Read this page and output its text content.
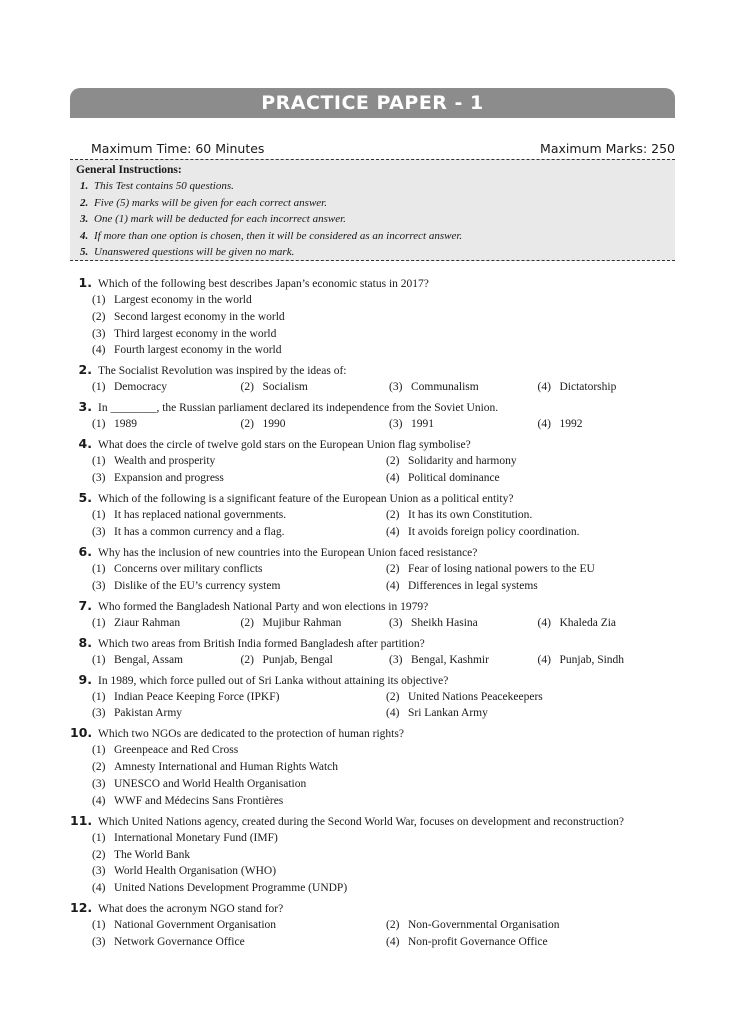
PRACTICE PAPER - 1
Maximum Time: 60 Minutes	Maximum Marks: 250
General Instructions:
1. This Test contains 50 questions.
2. Five (5) marks will be given for each correct answer.
3. One (1) mark will be deducted for each incorrect answer.
4. If more than one option is chosen, then it will be considered as an incorrect answer.
5. Unanswered questions will be given no mark.
1. Which of the following best describes Japan’s economic status in 2017?
(1) Largest economy in the world
(2) Second largest economy in the world
(3) Third largest economy in the world
(4) Fourth largest economy in the world
2. The Socialist Revolution was inspired by the ideas of:
(1) Democracy	(2) Socialism	(3) Communalism	(4) Dictatorship
3. In ________, the Russian parliament declared its independence from the Soviet Union.
(1) 1989	(2) 1990	(3) 1991	(4) 1992
4. What does the circle of twelve gold stars on the European Union flag symbolise?
(1) Wealth and prosperity	(2) Solidarity and harmony
(3) Expansion and progress	(4) Political dominance
5. Which of the following is a significant feature of the European Union as a political entity?
(1) It has replaced national governments.	(2) It has its own Constitution.
(3) It has a common currency and a flag.	(4) It avoids foreign policy coordination.
6. Why has the inclusion of new countries into the European Union faced resistance?
(1) Concerns over military conflicts	(2) Fear of losing national powers to the EU
(3) Dislike of the EU’s currency system	(4) Differences in legal systems
7. Who formed the Bangladesh National Party and won elections in 1979?
(1) Ziaur Rahman	(2) Mujibur Rahman	(3) Sheikh Hasina	(4) Khaleda Zia
8. Which two areas from British India formed Bangladesh after partition?
(1) Bengal, Assam	(2) Punjab, Bengal	(3) Bengal, Kashmir	(4) Punjab, Sindh
9. In 1989, which force pulled out of Sri Lanka without attaining its objective?
(1) Indian Peace Keeping Force (IPKF)	(2) United Nations Peacekeepers
(3) Pakistan Army	(4) Sri Lankan Army
10. Which two NGOs are dedicated to the protection of human rights?
(1) Greenpeace and Red Cross
(2) Amnesty International and Human Rights Watch
(3) UNESCO and World Health Organisation
(4) WWF and Médecins Sans Frontières
11. Which United Nations agency, created during the Second World War, focuses on development and reconstruction?
(1) International Monetary Fund (IMF)
(2) The World Bank
(3) World Health Organisation (WHO)
(4) United Nations Development Programme (UNDP)
12. What does the acronym NGO stand for?
(1) National Government Organisation	(2) Non-Governmental Organisation
(3) Network Governance Office	(4) Non-profit Governance Office
